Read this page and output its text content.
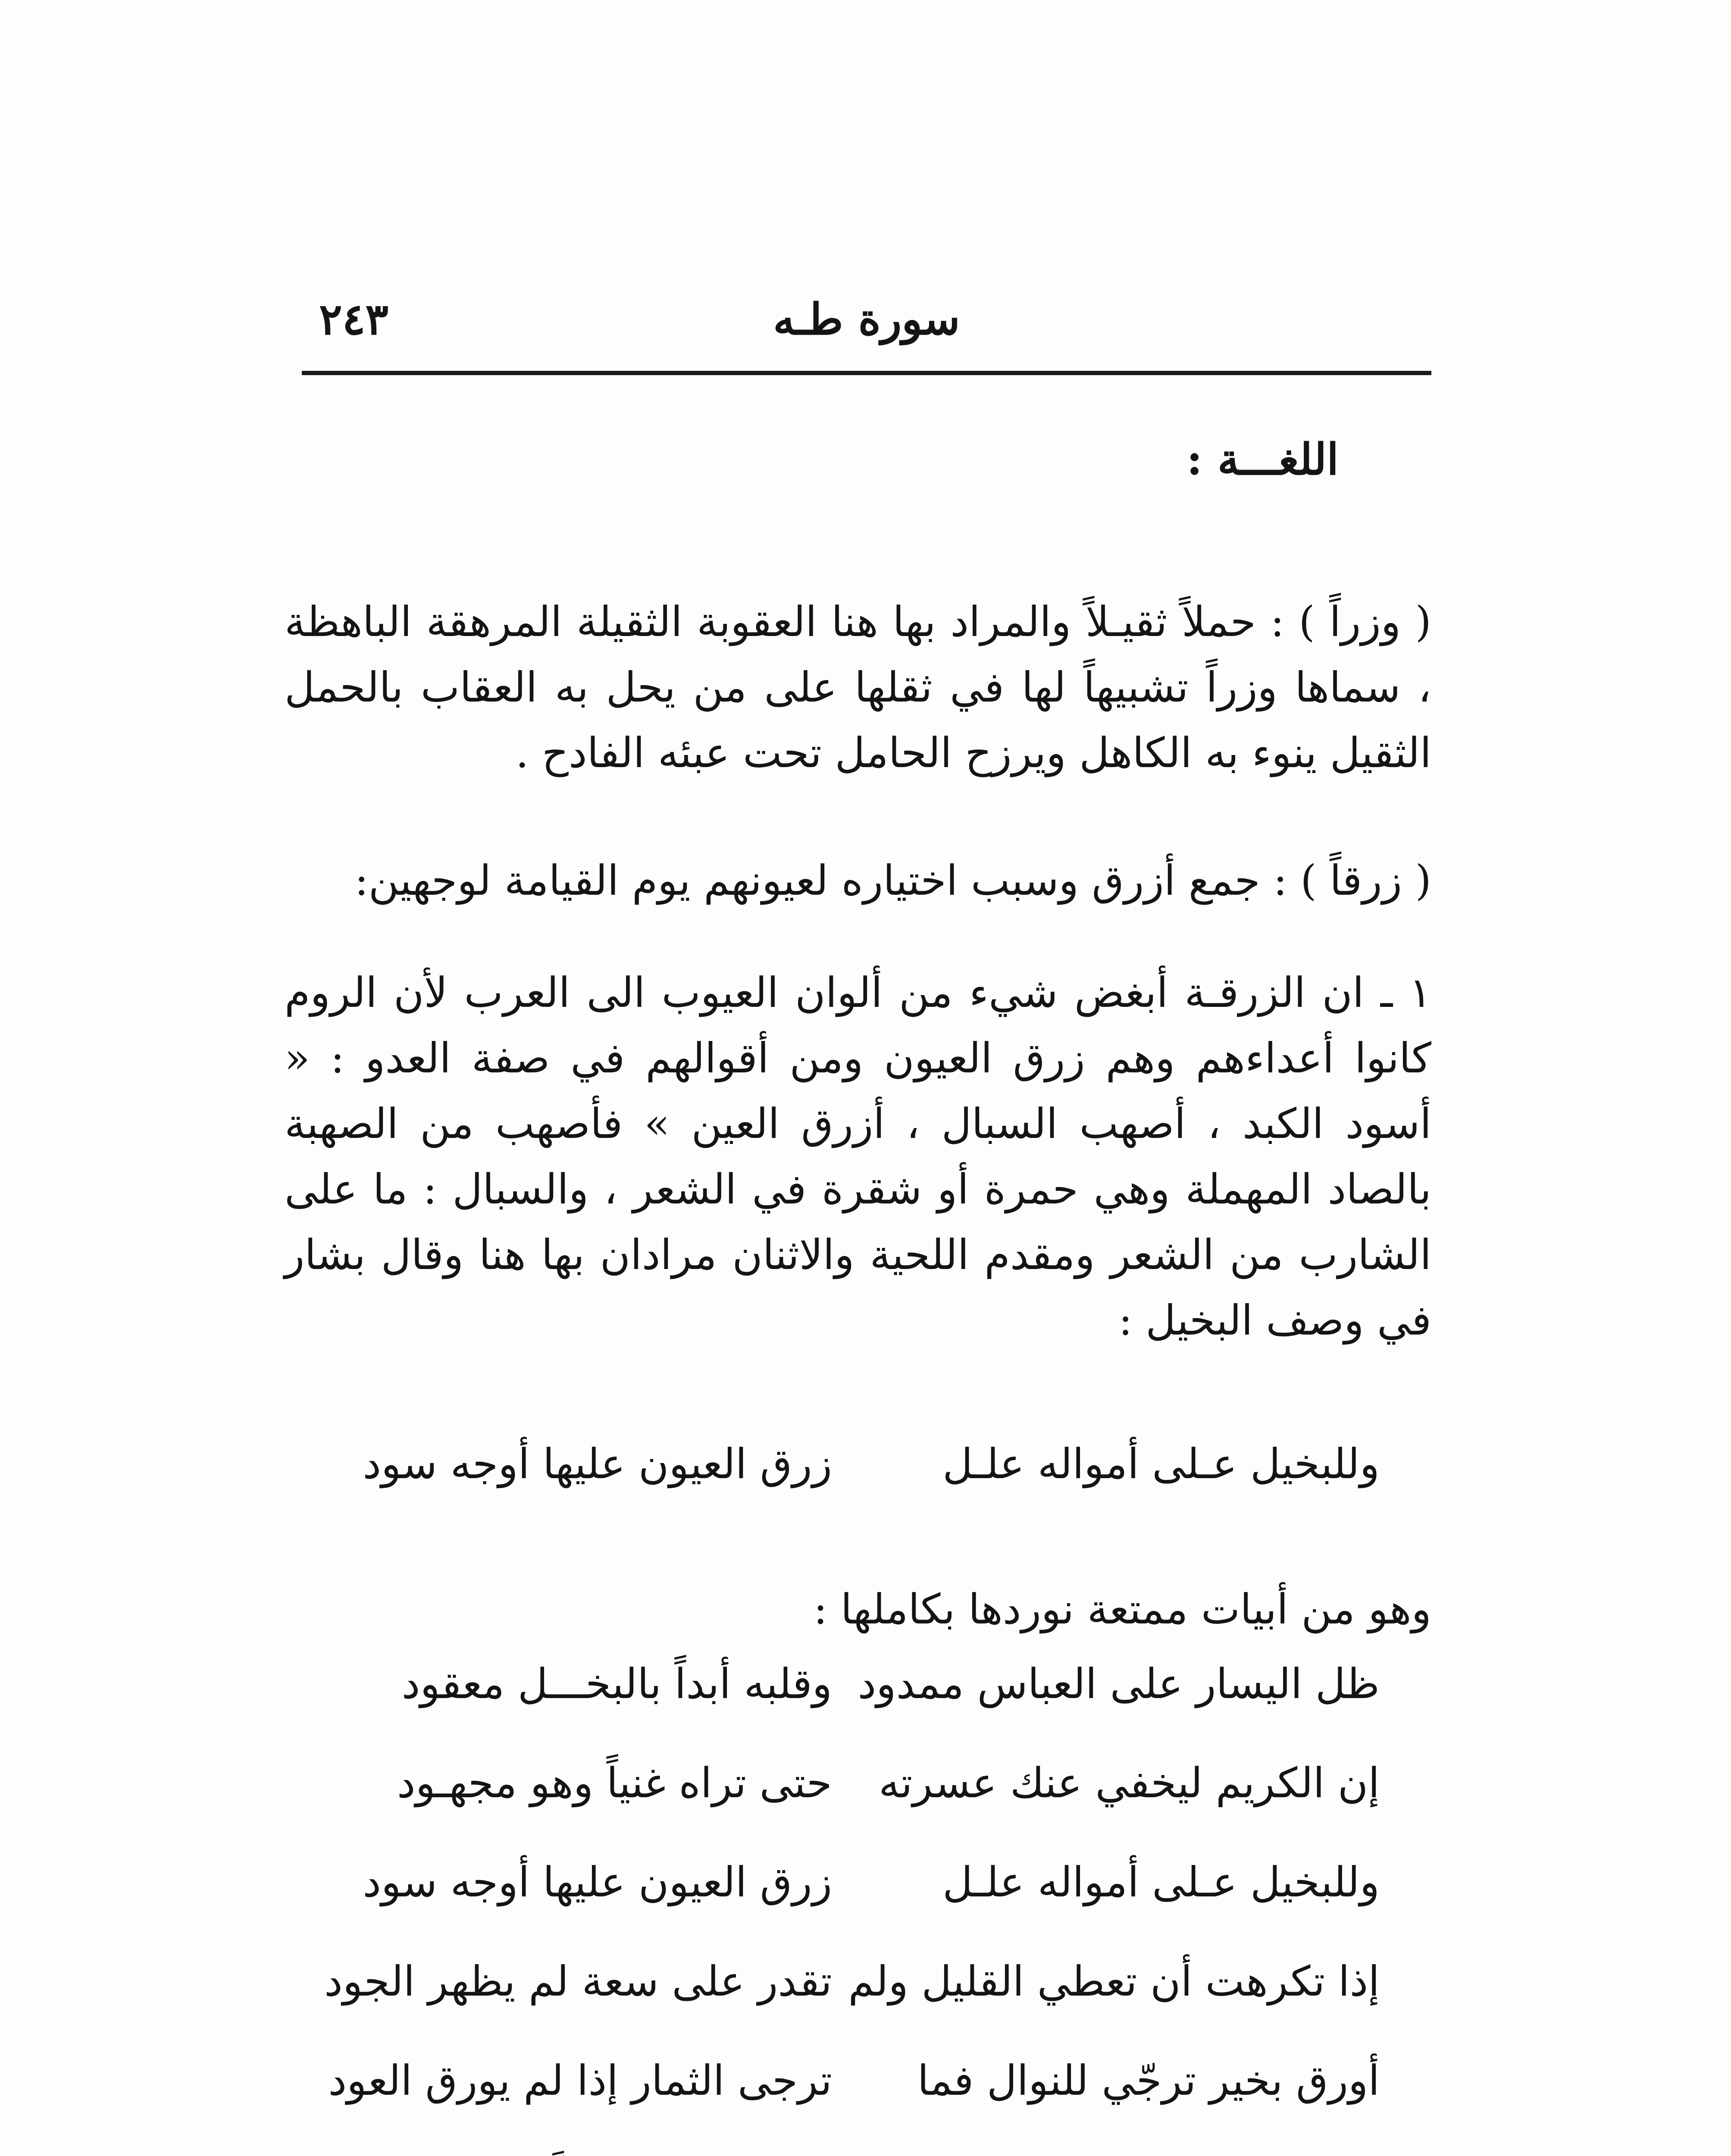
سورة طـه
٢٤٣
اللغـــة :

( وزراً ) : حملاً ثقيـلاً والمراد بها هنا العقوبة الثقيلة المرهقة الباهظة ، سماها وزراً تشبيهاً لها في ثقلها على من يحل به العقاب بالحمل الثقيل ينوء به الكاهل ويرزح الحامل تحت عبئه الفادح .

( زرقاً ) : جمع أزرق وسبب اختياره لعيونهم يوم القيامة لوجهين:

١ ـ ان الزرقـة أبغض شيء من ألوان العيوب الى العرب لأن الروم كانوا أعداءهم وهم زرق العيون ومن أقوالهم في صفة العدو : « أسود الكبد ، أصهب السبال ، أزرق العين » فأصهب من الصهبة بالصاد المهملة وهي حمرة أو شقرة في الشعر ، والسبال : ما على الشارب من الشعر ومقدم اللحية والاثنان مرادان بها هنا وقال بشار في وصف البخيل :

وللبخيل عـلى أمواله علـل
زرق العيون عليها أوجه سود

وهو من أبيات ممتعة نوردها بكاملها :

ظل اليسار على العباس ممدود
وقلبه أبداً بالبخـــل معقود
إن الكريم ليخفي عنك عسرته
حتى تراه غنياً وهو مجهـود
وللبخيل عـلى أمواله علـل
زرق العيون عليها أوجه سود
إذا تكرهت أن تعطي القليل ولم
تقدر على سعة لم يظهر الجود
أورق بخير ترجّي للنوال فما
ترجى الثمار إذا لم يورق العود
